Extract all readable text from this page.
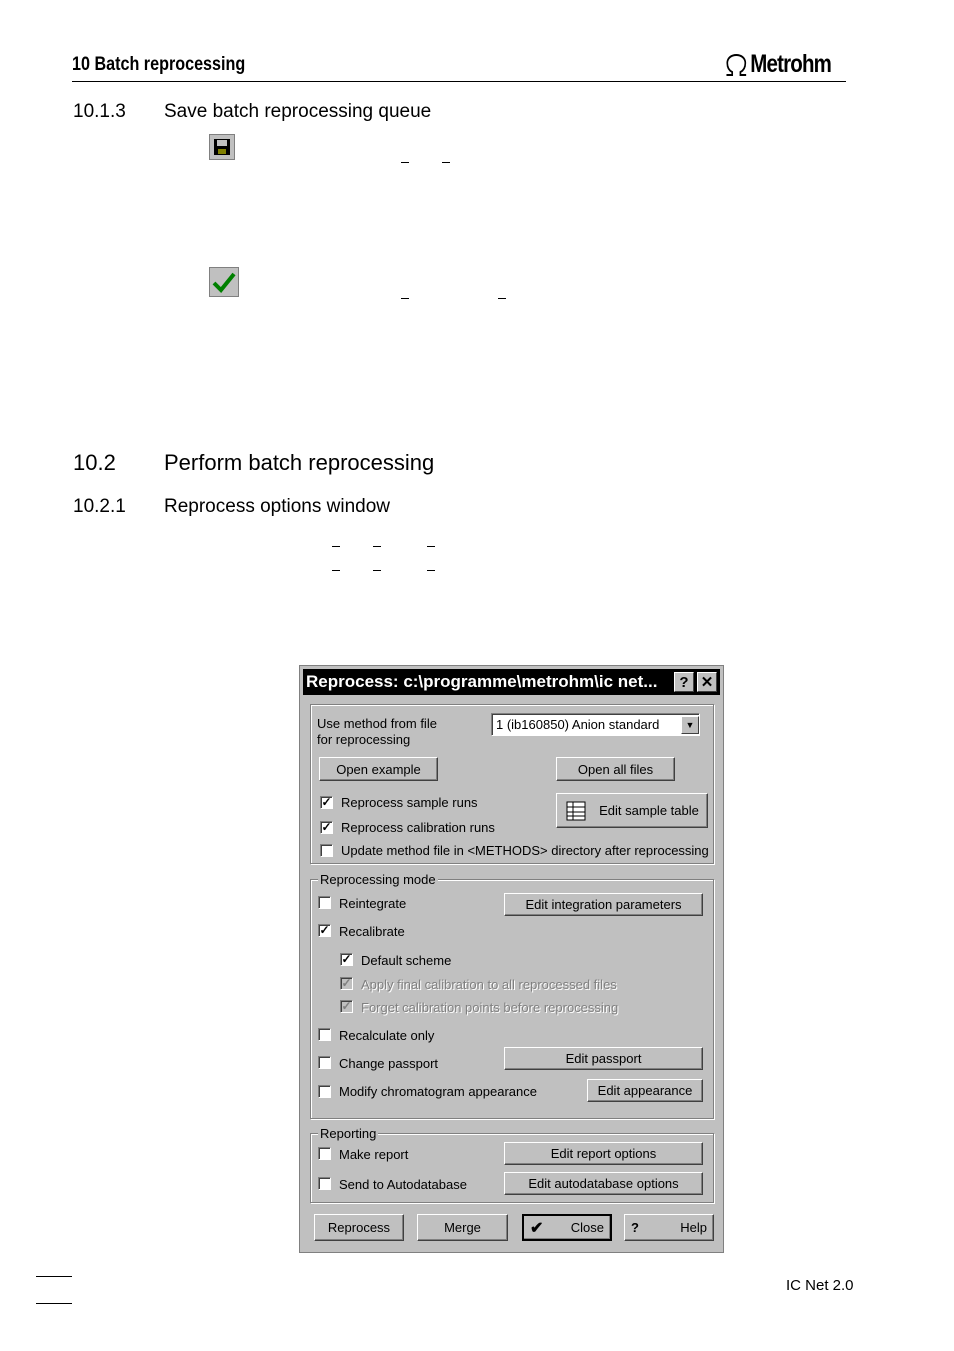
10 Batch reprocessing	Metrohm
10.1.3 Save batch reprocessing queue
10.2 Perform batch reprocessing
10.2.1 Reprocess options window
Reprocess: c:\programme\metrohm\ic net...	? ✕
Use method from file
for reprocessing
1 (ib160850) Anion standard	▼
Open example	Open all files
✓ Reprocess sample runs
✓ Reprocess calibration runs
Edit sample table
Update method file in <METHODS> directory after reprocessing
Reprocessing mode
Reintegrate	Edit integration parameters
✓ Recalibrate
✓ Default scheme
✓ Apply final calibration to all reprocessed files
✓ Forget calibration points before reprocessing
Recalculate only
Change passport	Edit passport
Modify chromatogram appearance	Edit appearance
Reporting
Make report	Edit report options
Send to Autodatabase	Edit autodatabase options
Reprocess	Merge	✔ Close ?	Help
IC Net 2.0
